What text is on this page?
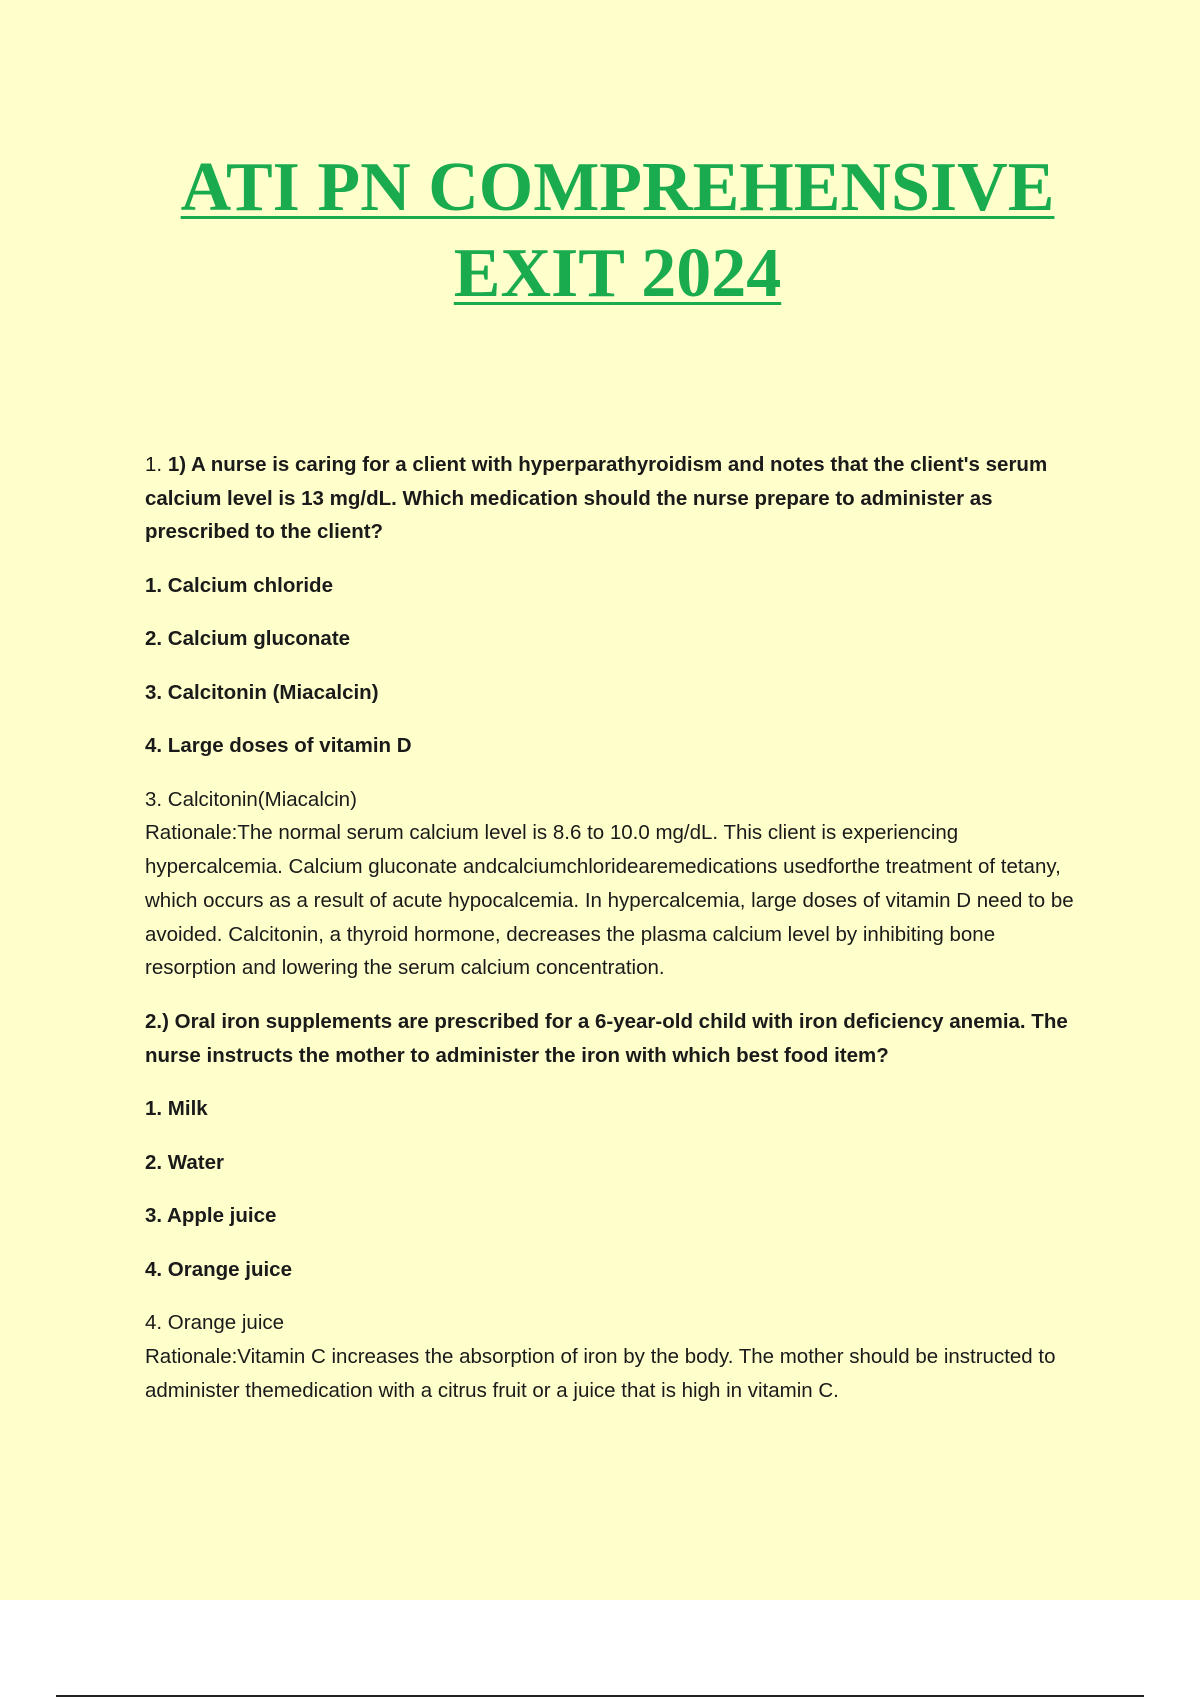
ATI PN COMPREHENSIVE
EXIT 2024

1. 1) A nurse is caring for a client with hyperparathyroidism and notes that the client's serum calcium level is 13 mg/dL. Which medication should the nurse prepare to administer as prescribed to the client?

1. Calcium chloride

2. Calcium gluconate

3. Calcitonin (Miacalcin)

4. Large doses of vitamin D

3. Calcitonin(Miacalcin)
Rationale:The normal serum calcium level is 8.6 to 10.0 mg/dL. This client is experiencing hypercalcemia. Calcium gluconate andcalciumchloridearemedications usedforthe treatment of tetany, which occurs as a result of acute hypocalcemia. In hypercalcemia, large doses of vitamin D need to be avoided. Calcitonin, a thyroid hormone, decreases the plasma calcium level by inhibiting bone resorption and lowering the serum calcium concentration.

2.) Oral iron supplements are prescribed for a 6-year-old child with iron deficiency anemia. The nurse instructs the mother to administer the iron with which best food item?

1. Milk

2. Water

3. Apple juice

4. Orange juice

4. Orange juice
Rationale:Vitamin C increases the absorption of iron by the body. The mother should be instructed to administer themedication with a citrus fruit or a juice that is high in vitamin C.
